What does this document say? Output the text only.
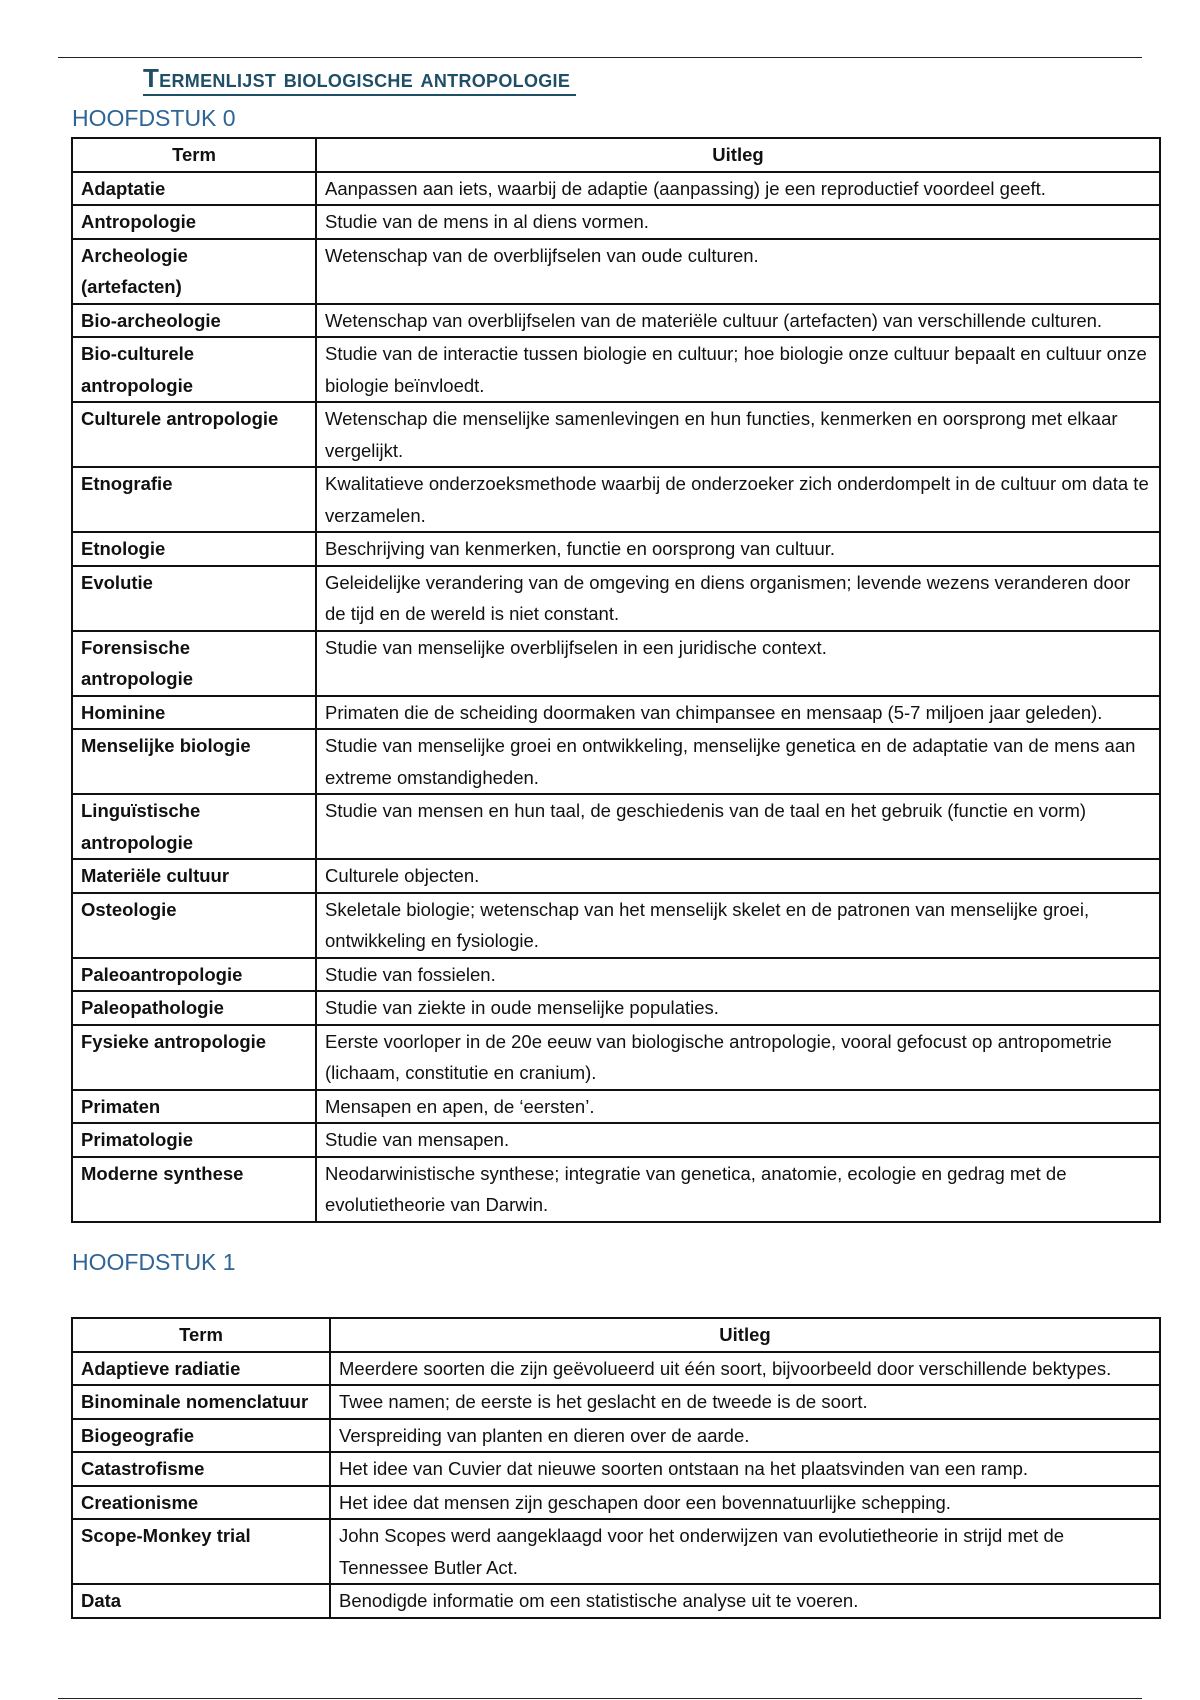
Termenlijst biologische antropologie
HOOFDSTUK 0
Term	Uitleg
Adaptatie	Aanpassen aan iets, waarbij de adaptie (aanpassing) je een reproductief voordeel geeft.
Antropologie	Studie van de mens in al diens vormen.
Archeologie (artefacten)	Wetenschap van de overblijfselen van oude culturen.
Bio-archeologie	Wetenschap van overblijfselen van de materiële cultuur (artefacten) van verschillende culturen.
Bio-culturele antropologie	Studie van de interactie tussen biologie en cultuur; hoe biologie onze cultuur bepaalt en cultuur onze biologie beïnvloedt.
Culturele antropologie	Wetenschap die menselijke samenlevingen en hun functies, kenmerken en oorsprong met elkaar vergelijkt.
Etnografie	Kwalitatieve onderzoeksmethode waarbij de onderzoeker zich onderdompelt in de cultuur om data te verzamelen.
Etnologie	Beschrijving van kenmerken, functie en oorsprong van cultuur.
Evolutie	Geleidelijke verandering van de omgeving en diens organismen; levende wezens veranderen door de tijd en de wereld is niet constant.
Forensische antropologie	Studie van menselijke overblijfselen in een juridische context.
Hominine	Primaten die de scheiding doormaken van chimpansee en mensaap (5-7 miljoen jaar geleden).
Menselijke biologie	Studie van menselijke groei en ontwikkeling, menselijke genetica en de adaptatie van de mens aan extreme omstandigheden.
Linguïstische antropologie	Studie van mensen en hun taal, de geschiedenis van de taal en het gebruik (functie en vorm)
Materiële cultuur	Culturele objecten.
Osteologie	Skeletale biologie; wetenschap van het menselijk skelet en de patronen van menselijke groei, ontwikkeling en fysiologie.
Paleoantropologie	Studie van fossielen.
Paleopathologie	Studie van ziekte in oude menselijke populaties.
Fysieke antropologie	Eerste voorloper in de 20e eeuw van biologische antropologie, vooral gefocust op antropometrie (lichaam, constitutie en cranium).
Primaten	Mensapen en apen, de ‘eersten’.
Primatologie	Studie van mensapen.
Moderne synthese	Neodarwinistische synthese; integratie van genetica, anatomie, ecologie en gedrag met de evolutietheorie van Darwin.
HOOFDSTUK 1
Term	Uitleg
Adaptieve radiatie	Meerdere soorten die zijn geëvolueerd uit één soort, bijvoorbeeld door verschillende bektypes.
Binominale nomenclatuur	Twee namen; de eerste is het geslacht en de tweede is de soort.
Biogeografie	Verspreiding van planten en dieren over de aarde.
Catastrofisme	Het idee van Cuvier dat nieuwe soorten ontstaan na het plaatsvinden van een ramp.
Creationisme	Het idee dat mensen zijn geschapen door een bovennatuurlijke schepping.
Scope-Monkey trial	John Scopes werd aangeklaagd voor het onderwijzen van evolutietheorie in strijd met de Tennessee Butler Act.
Data	Benodigde informatie om een statistische analyse uit te voeren.
